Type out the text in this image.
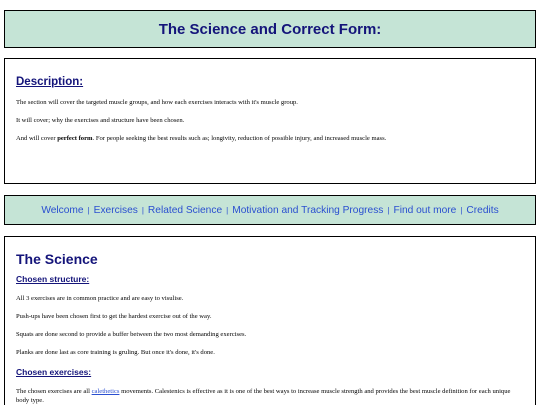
The Science and Correct Form:
Description:

The section will cover the targeted muscle groups, and how each exercises interacts with it's muscle group.

It will cover; why the exercises and structure have been chosen.

And will cover perfect form. For people seeking the best results such as; longivity, reduction of possible injury, and increased muscle mass.

Welcome | Exercises | Related Science | Motivation and Tracking Progress | Find out more | Credits
The Science
Chosen structure:

All 3 exercises are in common practice and are easy to visulise.

Push-ups have been chosen first to get the hardest exercise out of the way.

Squats are done second to provide a buffer between the two most demanding exercises.

Planks are done last as core training is gruling. But once it's done, it's done.

Chosen exercises:

The chosen exercises are all calethetics movements. Calestenics is effective as it is one of the best ways to increase muscle strength and provides the best muscle definition for each unique body type.
